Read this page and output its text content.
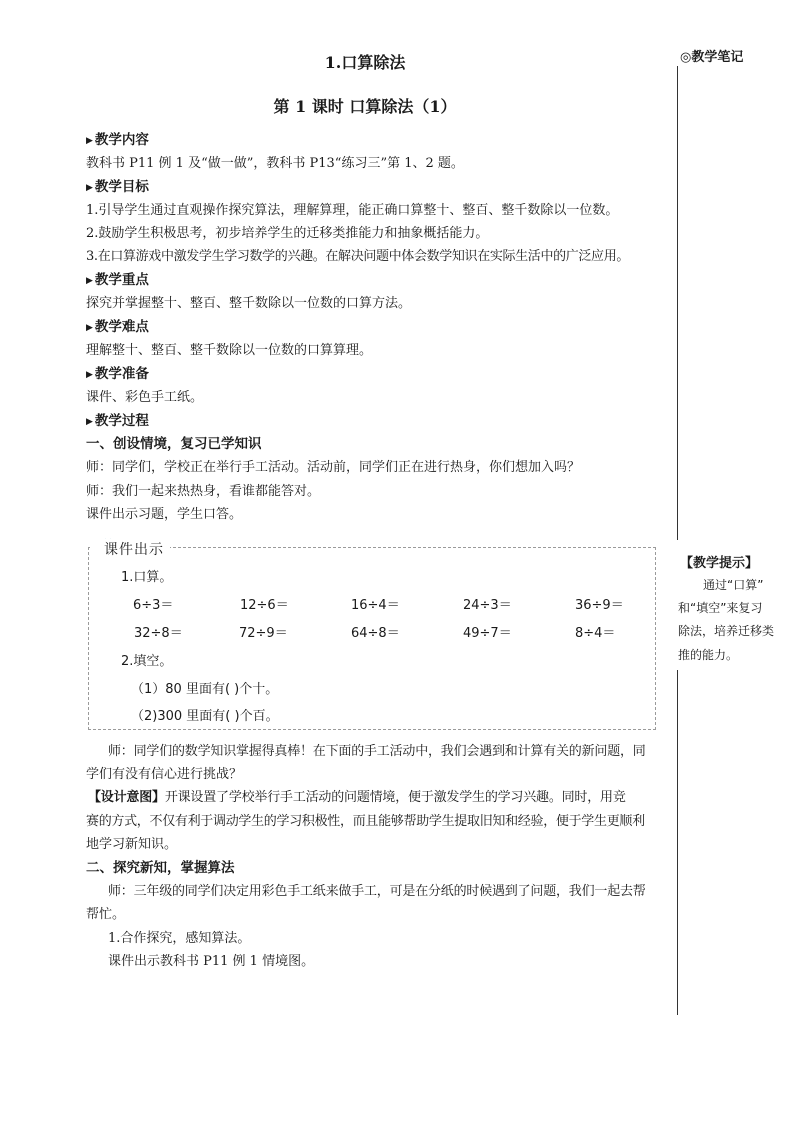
1.口算除法	◎教学笔记
第 1 课时 口算除法（1）
▶ 教学内容
教科书 P11 例 1 及“做一做”，教科书 P13“练习三”第 1、2 题。
▶ 教学目标
1.引导学生通过直观操作探究算法，理解算理，能正确口算整十、整百、整千数除以一位数。
2.鼓励学生积极思考，初步培养学生的迁移类推能力和抽象概括能力。
3.在口算游戏中激发学生学习数学的兴趣。在解决问题中体会数学知识在实际生活中的广泛应用。
▶ 教学重点
探究并掌握整十、整百、整千数除以一位数的口算方法。
▶ 教学难点
理解整十、整百、整千数除以一位数的口算算理。
▶ 教学准备
课件、彩色手工纸。
▶ 教学过程
一、创设情境，复习已学知识
师：同学们，学校正在举行手工活动。活动前，同学们正在进行热身，你们想加入吗？
师：我们一起来热热身，看谁都能答对。
课件出示习题，学生口答。
课件出示
1.口算。
6÷3＝	12÷6＝	16÷4＝	24÷3＝	36÷9＝
32÷8＝	72÷9＝	64÷8＝	49÷7＝	8÷4＝
2.填空。
（1）80 里面有( )个十。
（2)300 里面有( )个百。
【教学提示】
通过“口算”
和“填空”来复习
除法，培养迁移类
推的能力。
师：同学们的数学知识掌握得真棒！在下面的手工活动中，我们会遇到和计算有关的新问题，同
学们有没有信心进行挑战？
【设计意图】开课设置了学校举行手工活动的问题情境，便于激发学生的学习兴趣。同时，用竞
赛的方式，不仅有利于调动学生的学习积极性，而且能够帮助学生提取旧知和经验，便于学生更顺利
地学习新知识。
二、探究新知，掌握算法
师：三年级的同学们决定用彩色手工纸来做手工，可是在分纸的时候遇到了问题，我们一起去帮
帮忙。
1.合作探究，感知算法。
课件出示教科书 P11 例 1 情境图。
